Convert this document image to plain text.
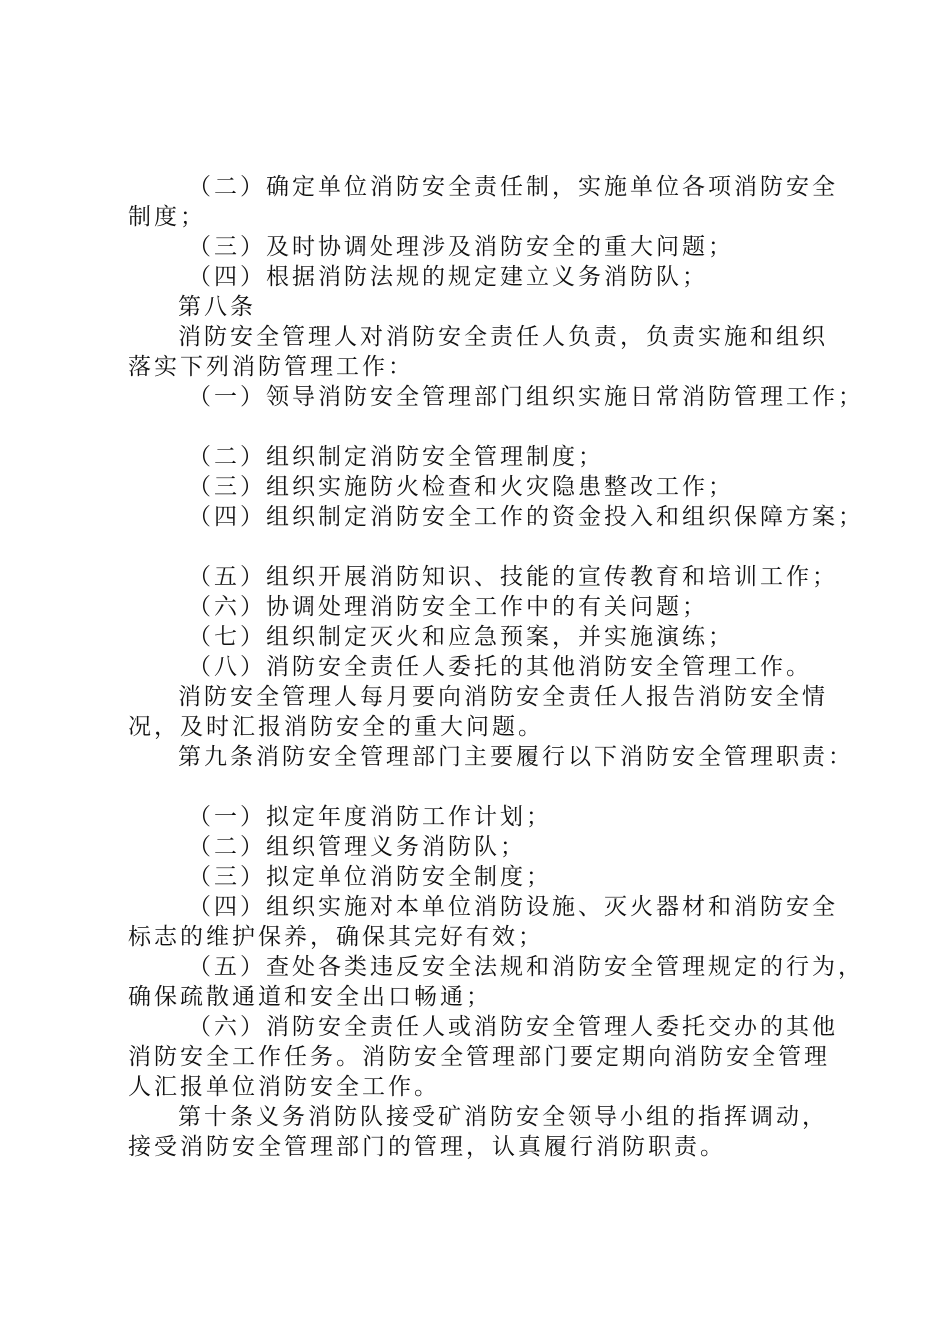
（二）确定单位消防安全责任制，实施单位各项消防安全
制度；
（三）及时协调处理涉及消防安全的重大问题；
（四）根据消防法规的规定建立义务消防队；
第八条
消防安全管理人对消防安全责任人负责，负责实施和组织
落实下列消防管理工作：
（一）领导消防安全管理部门组织实施日常消防管理工作；
（二）组织制定消防安全管理制度；
（三）组织实施防火检查和火灾隐患整改工作；
（四）组织制定消防安全工作的资金投入和组织保障方案；
（五）组织开展消防知识、技能的宣传教育和培训工作；
（六）协调处理消防安全工作中的有关问题；
（七）组织制定灭火和应急预案，并实施演练；
（八）消防安全责任人委托的其他消防安全管理工作。
消防安全管理人每月要向消防安全责任人报告消防安全情
况，及时汇报消防安全的重大问题。
第九条消防安全管理部门主要履行以下消防安全管理职责：
（一）拟定年度消防工作计划；
（二）组织管理义务消防队；
（三）拟定单位消防安全制度；
（四）组织实施对本单位消防设施、灭火器材和消防安全
标志的维护保养，确保其完好有效；
（五）查处各类违反安全法规和消防安全管理规定的行为，
确保疏散通道和安全出口畅通；
（六）消防安全责任人或消防安全管理人委托交办的其他
消防安全工作任务。消防安全管理部门要定期向消防安全管理
人汇报单位消防安全工作。
第十条义务消防队接受矿消防安全领导小组的指挥调动，
接受消防安全管理部门的管理，认真履行消防职责。
